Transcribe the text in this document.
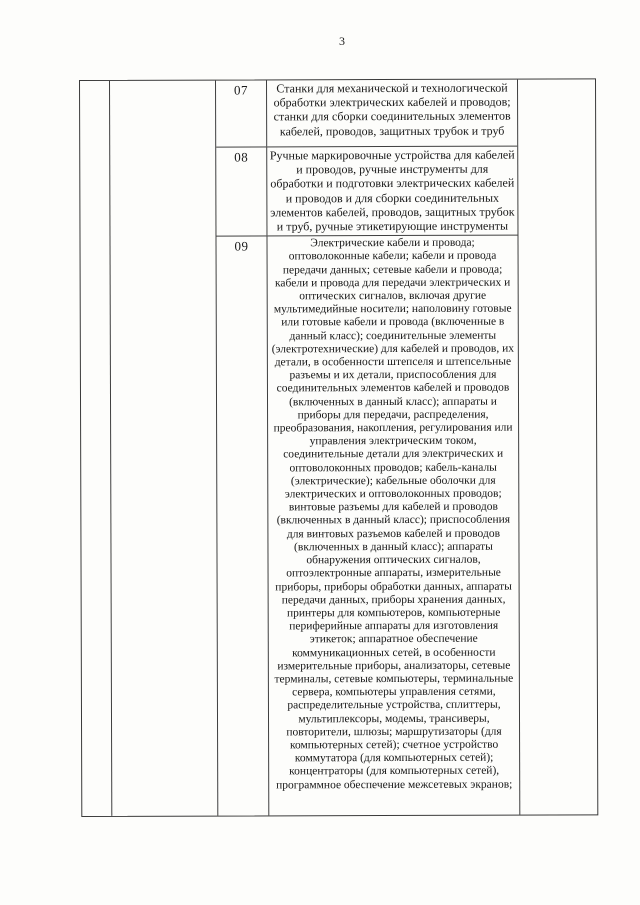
3
07	Станки для механической и технологической обработки электрических кабелей и проводов; станки для сборки соединительных элементов кабелей, проводов, защитных трубок и труб
08	Ручные маркировочные устройства для кабелей и проводов, ручные инструменты для обработки и подготовки электрических кабелей и проводов и для сборки соединительных элементов кабелей, проводов, защитных трубок и труб, ручные этикетирующие инструменты
09	Электрические кабели и провода; оптоволоконные кабели; кабели и провода передачи данных; сетевые кабели и провода; кабели и провода для передачи электрических и оптических сигналов, включая другие мультимедийные носители; наполовину готовые или готовые кабели и провода (включенные в данный класс); соединительные элементы (электротехнические) для кабелей и проводов, их детали, в особенности штепселя и штепсельные разъемы и их детали, приспособления для соединительных элементов кабелей и проводов (включенных в данный класс); аппараты и приборы для передачи, распределения, преобразования, накопления, регулирования или управления электрическим током, соединительные детали для электрических и оптоволоконных проводов; кабель-каналы (электрические); кабельные оболочки для электрических и оптоволоконных проводов; винтовые разъемы для кабелей и проводов (включенных в данный класс); приспособления для винтовых разъемов кабелей и проводов (включенных в данный класс); аппараты обнаружения оптических сигналов, оптоэлектронные аппараты, измерительные приборы, приборы обработки данных, аппараты передачи данных, приборы хранения данных, принтеры для компьютеров, компьютерные периферийные аппараты для изготовления этикеток; аппаратное обеспечение коммуникационных сетей, в особенности измерительные приборы, анализаторы, сетевые терминалы, сетевые компьютеры, терминальные сервера, компьютеры управления сетями, распределительные устройства, сплиттеры, мультиплексоры, модемы, трансиверы, повторители, шлюзы; маршрутизаторы (для компьютерных сетей); счетное устройство коммутатора (для компьютерных сетей); концентраторы (для компьютерных сетей), программное обеспечение межсетевых экранов;
